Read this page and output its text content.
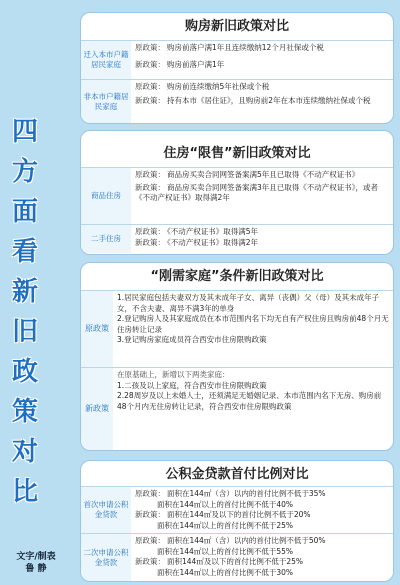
四
方
面
看
新
旧
政
策
对
比
文字/制表
鲁 静
购房新旧政策对比
迁入本市户籍居民家庭
原政策： 购房前落户满1年且连续缴纳12个月社保或个税
新政策： 购房前落户满1年
非本市户籍居民家庭
原政策： 购房前连续缴纳5年社保或个税
新政策： 持有本市《居住证》，且购房前2年在本市连续缴纳社保或个税
住房“限售”新旧政策对比
商品住房
原政策： 商品房买卖合同网签备案满5年且已取得《不动产权证书》
新政策： 商品房买卖合同网签备案满3年且已取得《不动产权证书》，或者《不动产权证书》取得满2年
二手住房
原政策： 《不动产权证书》取得满5年
新政策： 《不动产权证书》取得满2年
“刚需家庭”条件新旧政策对比
原政策
1.居民家庭包括夫妻双方及其未成年子女、离异（丧偶）父（母）及其未成年子女，不含夫妻、离异不满3年的单身
2.登记购房人及其家庭成员在本市范围内名下均无自有产权住房且购房前48个月无住房转让记录
3.登记购房家庭成员符合西安市住房限购政策
新政策
在原基础上，新增以下两类家庭：
1.二孩及以上家庭，符合西安市住房限购政策
2.28周岁及以上未婚人士，还须满足无婚姻记录、本市范围内名下无房、购房前48个月内无住房转让记录，符合西安市住房限购政策
公积金贷款首付比例对比
首次申请公积金贷款
原政策： 面积在144㎡（含）以内的首付比例不低于35%
面积在144㎡以上的首付比例不低于40%
新政策： 面积在144㎡及以下的首付比例不低于20%
面积在144㎡以上的首付比例不低于25%
二次申请公积金贷款
原政策： 面积在144㎡（含）以内的首付比例不低于50%
面积在144㎡以上的首付比例不低于55%
新政策： 面积144㎡及以下的首付比例不低于25%
面积在144㎡以上的首付比例不低于30%
